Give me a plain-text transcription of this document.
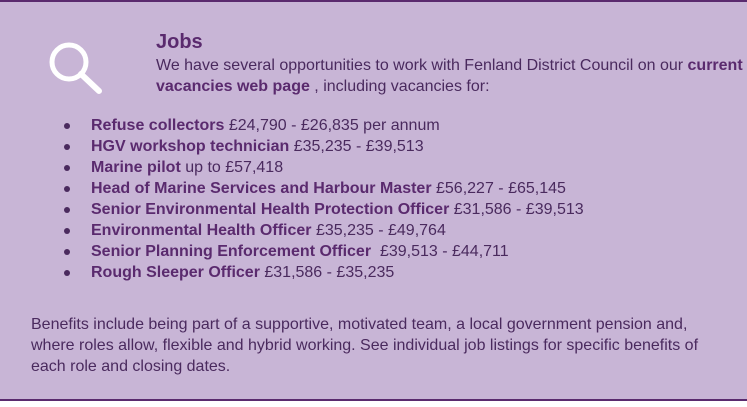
Jobs

We have several opportunities to work with Fenland District Council on our current vacancies web page , including vacancies for:

Refuse collectors £24,790 - £26,835 per annum
HGV workshop technician £35,235 - £39,513
Marine pilot up to £57,418
Head of Marine Services and Harbour Master £56,227 - £65,145
Senior Environmental Health Protection Officer £31,586 - £39,513
Environmental Health Officer £35,235 - £49,764
Senior Planning Enforcement Officer  £39,513 - £44,711
Rough Sleeper Officer £31,586 - £35,235

Benefits include being part of a supportive, motivated team, a local government pension and, where roles allow, flexible and hybrid working. See individual job listings for specific benefits of each role and closing dates.
